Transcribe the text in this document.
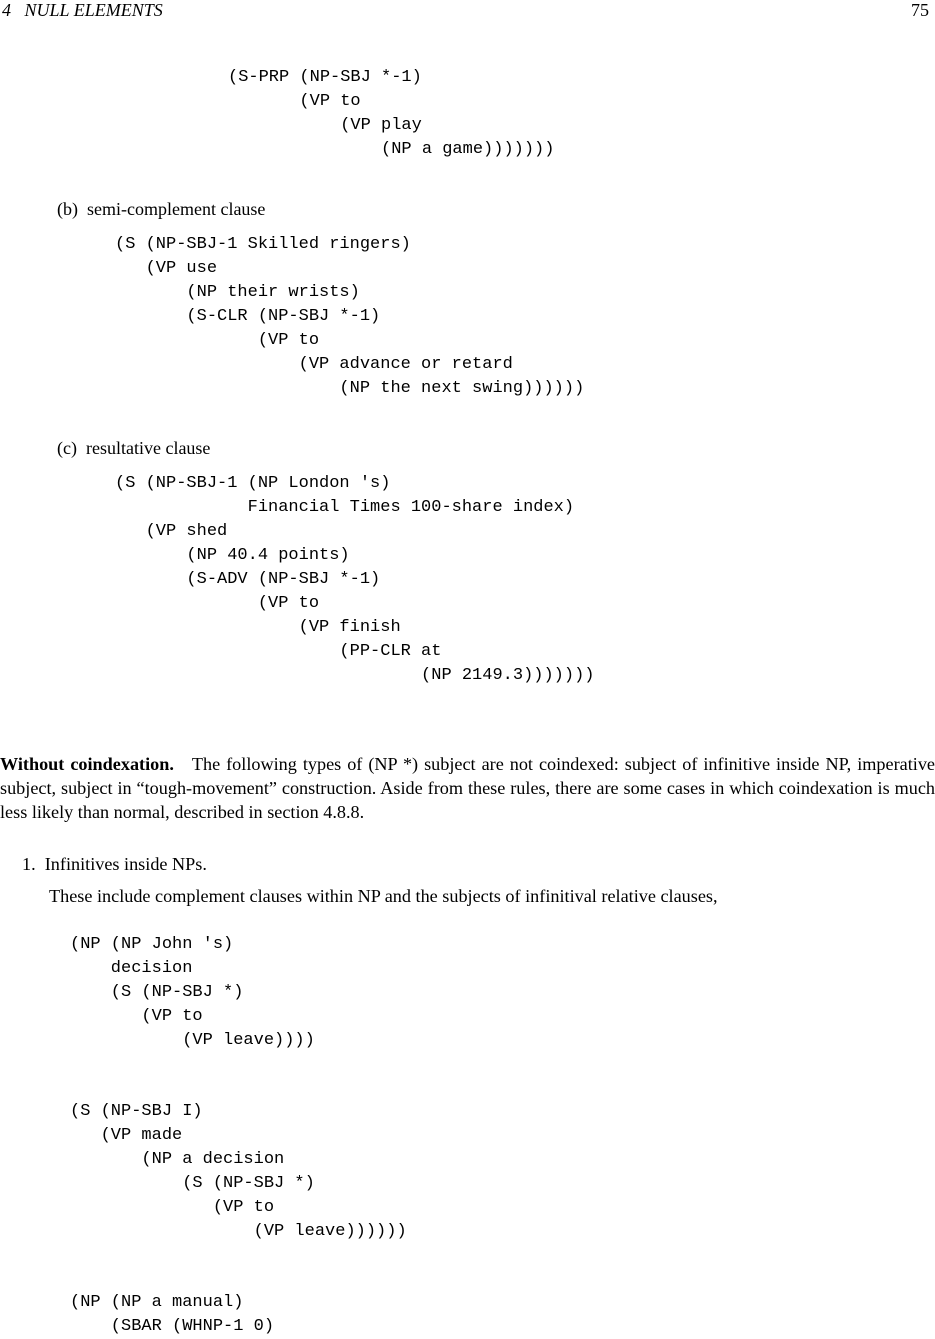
4   NULL ELEMENTS	75
(S-PRP (NP-SBJ *-1)
(VP to
(VP play
(NP a game)))))))
(b)  semi-complement clause
(S (NP-SBJ-1 Skilled ringers)
(VP use
(NP their wrists)
(S-CLR (NP-SBJ *-1)
(VP to
(VP advance or retard
(NP the next swing))))))
(c)  resultative clause
(S (NP-SBJ-1 (NP London 's)
Financial Times 100-share index)
(VP shed
(NP 40.4 points)
(S-ADV (NP-SBJ *-1)
(VP to
(VP finish
(PP-CLR at
(NP 2149.3)))))))

Without coindexation. The following types of (NP *) subject are not coindexed: subject of infinitive inside NP, imperative subject, subject in “tough-movement” construction. Aside from these rules, there are some cases in which coindexation is much less likely than normal, described in section 4.8.8.

1.  Infinitives inside NPs.
These include complement clauses within NP and the subjects of infinitival relative clauses,
(NP (NP John 's)
decision
(S (NP-SBJ *)
(VP to
(VP leave))))
(S (NP-SBJ I)
(VP made
(NP a decision
(S (NP-SBJ *)
(VP to
(VP leave))))))
(NP (NP a manual)
(SBAR (WHNP-1 0)
